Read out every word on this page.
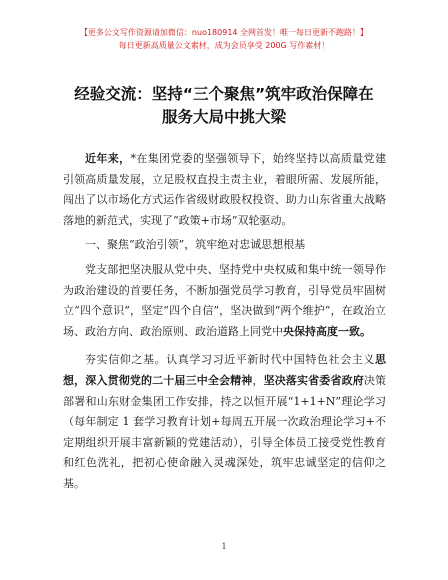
【更多公文写作资源请加微信：nuo180914 全网首发！唯一每日更新不跑路！】
每日更新高质量公文素材，成为会员享受 200G 写作素材！
经验交流：坚持“三个聚焦”筑牢政治保障在
服务大局中挑大梁

近年来，*在集团党委的坚强领导下，始终坚持以高质量党建引领高质量发展，立足股权直投主责主业，着眼所需、发展所能，闯出了以市场化方式运作省级财政股权投资、助力山东省重大战略落地的新范式，实现了“政策+市场”双轮驱动。

一、聚焦“政治引领”，筑牢绝对忠诚思想根基

党支部把坚决服从党中央、坚持党中央权威和集中统一领导作为政治建设的首要任务，不断加强党员学习教育，引导党员牢固树立“四个意识”，坚定“四个自信”，坚决做到“两个维护”，在政治立场、政治方向、政治原则、政治道路上同党中央保持高度一致。

夯实信仰之基。认真学习习近平新时代中国特色社会主义思想，深入贯彻党的二十届三中全会精神，坚决落实省委省政府决策部署和山东财金集团工作安排，持之以恒开展“1+1+N”理论学习（每年制定 1 套学习教育计划+每周五开展一次政治理论学习+不定期组织开展丰富新颖的党建活动），引导全体员工接受党性教育和红色洗礼，把初心使命融入灵魂深处，筑牢忠诚坚定的信仰之基。

1
